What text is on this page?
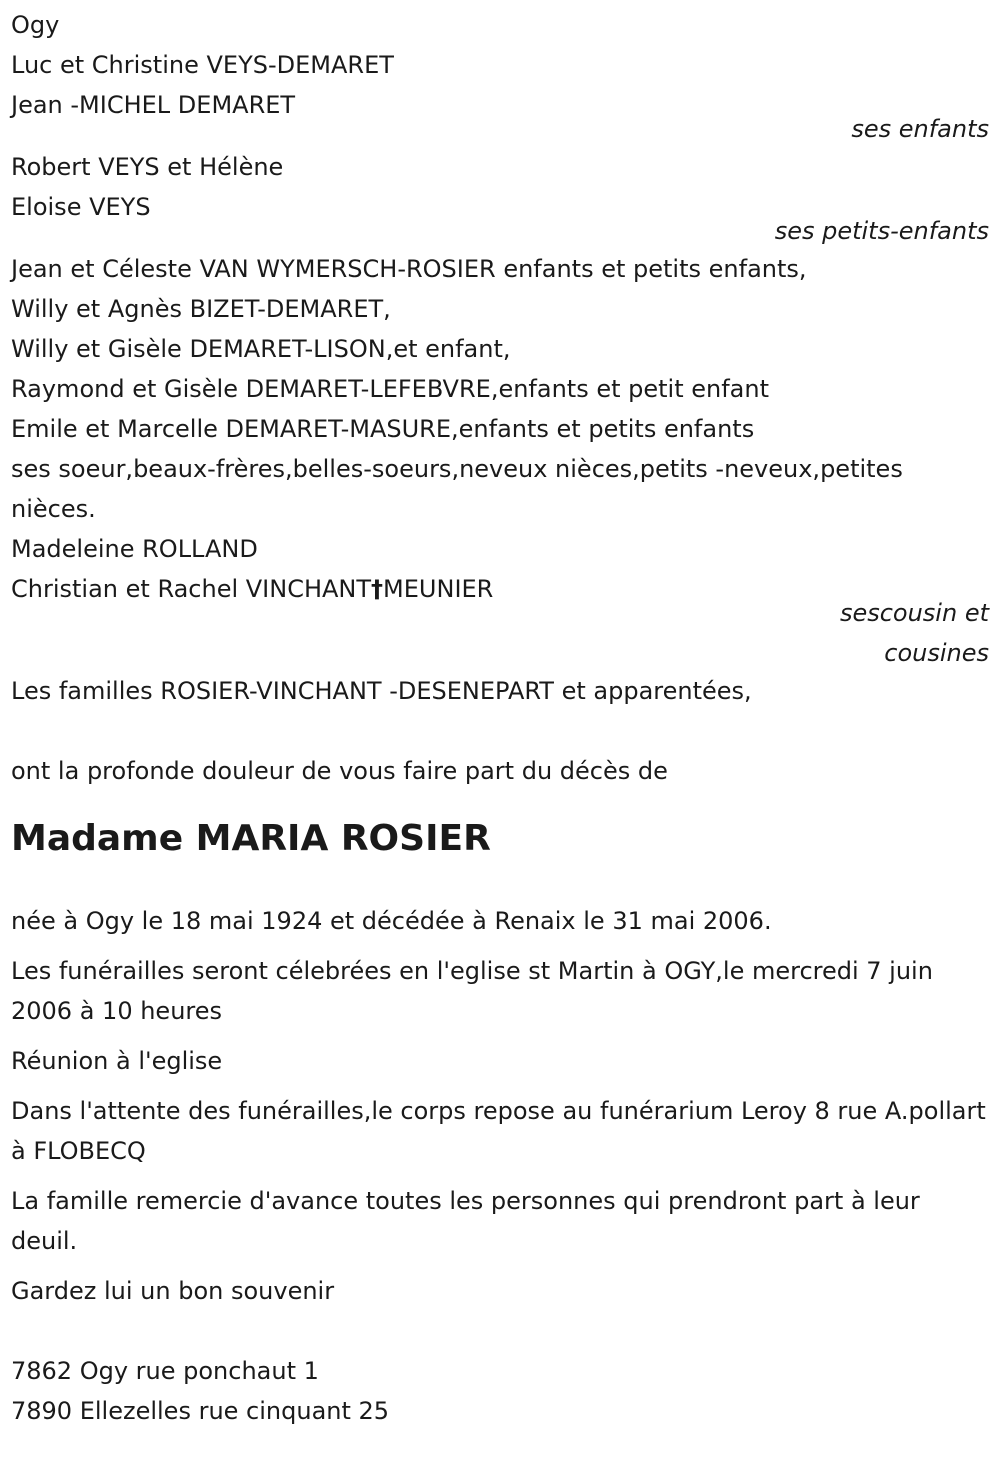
Ogy
Luc et Christine VEYS-DEMARET
Jean -MICHEL DEMARET
ses enfants
Robert VEYS et Hélène
Eloise VEYS
ses petits-enfants
Jean et Céleste VAN WYMERSCH-ROSIER enfants et petits enfants,
Willy et Agnès BIZET-DEMARET,
Willy et Gisèle DEMARET-LISON,et enfant,
Raymond et Gisèle DEMARET-LEFEBVRE,enfants et petit enfant
Emile et Marcelle DEMARET-MASURE,enfants et petits enfants
ses soeur,beaux-frères,belles-soeurs,neveux nièces,petits -neveux,petites nièces.
Madeleine ROLLAND
Christian et Rachel VINCHANT†MEUNIER
sescousin et
cousines
Les familles ROSIER-VINCHANT -DESENEPART et apparentées,
ont la profonde douleur de vous faire part du décès de
Madame MARIA ROSIER
née à Ogy le 18 mai 1924 et décédée à Renaix le 31 mai 2006.
Les funérailles seront célebrées en l'eglise st Martin à OGY,le mercredi 7 juin 2006 à 10 heures
Réunion à l'eglise
Dans l'attente des funérailles,le corps repose au funérarium Leroy 8 rue A.pollart à FLOBECQ
La famille remercie d'avance toutes les personnes qui prendront part à leur deuil.
Gardez lui un bon souvenir
7862 Ogy rue ponchaut 1
7890 Ellezelles rue cinquant 25
